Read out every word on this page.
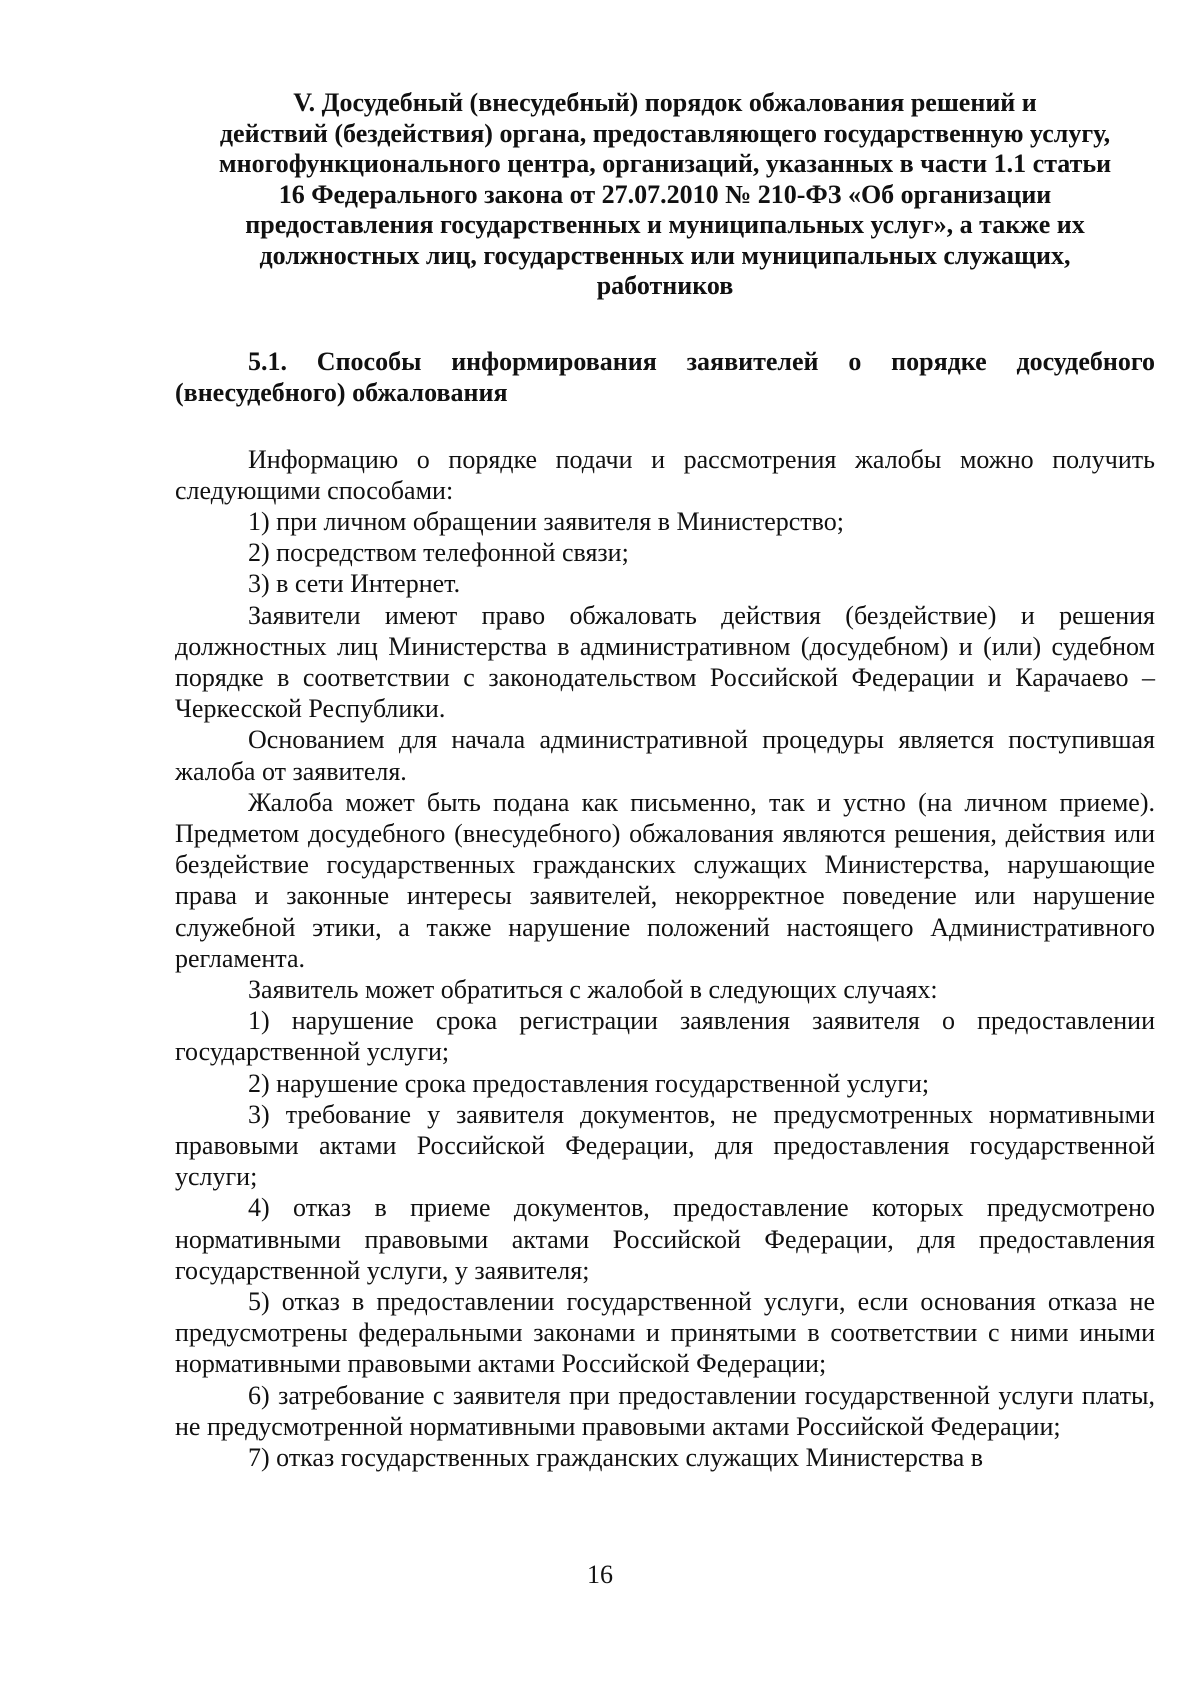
V. Досудебный (внесудебный) порядок обжалования решений и
действий (бездействия) органа, предоставляющего государственную услугу,
многофункционального центра, организаций, указанных в части 1.1 статьи
16 Федерального закона от 27.07.2010 № 210-ФЗ «Об организации
предоставления государственных и муниципальных услуг», а также их
должностных лиц, государственных или муниципальных служащих,
работников
5.1. Способы информирования заявителей о порядке досудебного (внесудебного) обжалования

Информацию о порядке подачи и рассмотрения жалобы можно получить следующими способами:

1) при личном обращении заявителя в Министерство;

2) посредством телефонной связи;

3) в сети Интернет.

Заявители имеют право обжаловать действия (бездействие) и решения должностных лиц Министерства в административном (досудебном) и (или) судебном порядке в соответствии с законодательством Российской Федерации и Карачаево – Черкесской Республики.

Основанием для начала административной процедуры является поступившая жалоба от заявителя.

Жалоба может быть подана как письменно, так и устно (на личном приеме). Предметом досудебного (внесудебного) обжалования являются решения, действия или бездействие государственных гражданских служащих Министерства, нарушающие права и законные интересы заявителей, некорректное поведение или нарушение служебной этики, а также нарушение положений настоящего Административного регламента.

Заявитель может обратиться с жалобой в следующих случаях:

1) нарушение срока регистрации заявления заявителя о предоставлении государственной услуги;

2) нарушение срока предоставления государственной услуги;

3) требование у заявителя документов, не предусмотренных нормативными правовыми актами Российской Федерации, для предоставления государственной услуги;

4) отказ в приеме документов, предоставление которых предусмотрено нормативными правовыми актами Российской Федерации, для предоставления государственной услуги, у заявителя;

5) отказ в предоставлении государственной услуги, если основания отказа не предусмотрены федеральными законами и принятыми в соответствии с ними иными нормативными правовыми актами Российской Федерации;

6) затребование с заявителя при предоставлении государственной услуги платы, не предусмотренной нормативными правовыми актами Российской Федерации;

7) отказ государственных гражданских служащих Министерства в

16
